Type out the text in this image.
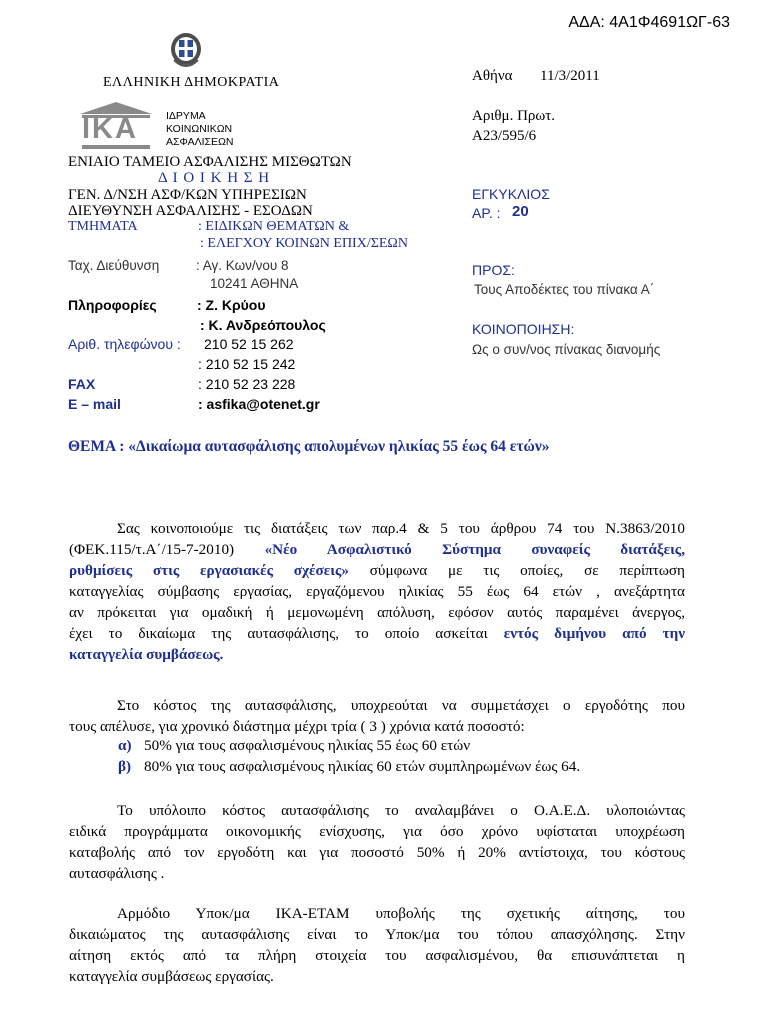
ΑΔΑ: 4Α1Φ4691ΩΓ-63
ΕΛΛΗΝΙΚΗ ΔΗΜΟΚΡΑΤΙΑ
IKA	ΙΔΡΥΜΑ
ΚΟΙΝΩΝΙΚΩΝ
ΑΣΦΑΛΙΣΕΩΝ
ΕΝΙΑΙΟ ΤΑΜΕΙΟ ΑΣΦΑΛΙΣΗΣ ΜΙΣΘΩΤΩΝ
Δ Ι Ο Ι Κ Η Σ Η
ΓΕΝ. Δ/ΝΣΗ ΑΣΦ/ΚΩΝ ΥΠΗΡΕΣΙΩΝ
ΔΙΕΥΘΥΝΣΗ ΑΣΦΑΛΙΣΗΣ - ΕΣΟΔΩΝ
ΤΜΗΜΑΤΑ	: ΕΙΔΙΚΩΝ ΘΕΜΑΤΩΝ &
: ΕΛΕΓΧΟΥ ΚΟΙΝΩΝ ΕΠΙΧ/ΣΕΩΝ
Ταχ. Διεύθυνση	: Αγ. Κων/νου 8
10241 ΑΘΗΝΑ
Πληροφορίες	: Ζ. Κρύου
: Κ. Ανδρεόπουλος
Αριθ. τηλεφώνου : 210 52 15 262
: 210 52 15 242
FAX	: 210 52 23 228
E – mail	: asfika@otenet.gr
Αθήνα 11/3/2011
Αριθμ. Πρωτ.
Α23/595/6
ΕΓΚΥΚΛΙΟΣ
ΑΡ. : 20
ΠΡΟΣ:
Τους Αποδέκτες του πίνακα Α΄
ΚΟΙΝΟΠΟΙΗΣΗ:
Ως ο συν/νος πίνακας διανομής
ΘΕΜΑ : «Δικαίωμα αυτασφάλισης απολυμένων ηλικίας 55 έως 64 ετών»
Σας κοινοποιούμε τις διατάξεις των παρ.4 & 5 του άρθρου 74 του Ν.3863/2010
(ΦΕΚ.115/τ.Α΄/15-7-2010) «Νέο Ασφαλιστικό Σύστημα συναφείς διατάξεις,
ρυθμίσεις στις εργασιακές σχέσεις» σύμφωνα με τις οποίες, σε περίπτωση
καταγγελίας σύμβασης εργασίας, εργαζόμενου ηλικίας 55 έως 64 ετών , ανεξάρτητα
αν πρόκειται για ομαδική ή μεμονωμένη απόλυση, εφόσον αυτός παραμένει άνεργος,
έχει το δικαίωμα της αυτασφάλισης, το οποίο ασκείται εντός διμήνου από την
καταγγελία συμβάσεως.
Στο κόστος της αυτασφάλισης, υποχρεούται να συμμετάσχει ο εργοδότης που
τους απέλυσε, για χρονικό διάστημα μέχρι τρία ( 3 ) χρόνια κατά ποσοστό:
α) 50% για τους ασφαλισμένους ηλικίας 55 έως 60 ετών
β) 80% για τους ασφαλισμένους ηλικίας 60 ετών συμπληρωμένων έως 64.
Το υπόλοιπο κόστος αυτασφάλισης το αναλαμβάνει ο Ο.Α.Ε.Δ. υλοποιώντας
ειδικά προγράμματα οικονομικής ενίσχυσης, για όσο χρόνο υφίσταται υποχρέωση
καταβολής από τον εργοδότη και για ποσοστό 50% ή 20% αντίστοιχα, του κόστους
αυτασφάλισης .
Αρμόδιο Υποκ/μα ΙΚΑ-ΕΤΑΜ υποβολής της σχετικής αίτησης, του
δικαιώματος της αυτασφάλισης είναι το Υποκ/μα του τόπου απασχόλησης. Στην
αίτηση εκτός από τα πλήρη στοιχεία του ασφαλισμένου, θα επισυνάπτεται η
καταγγελία συμβάσεως εργασίας.
